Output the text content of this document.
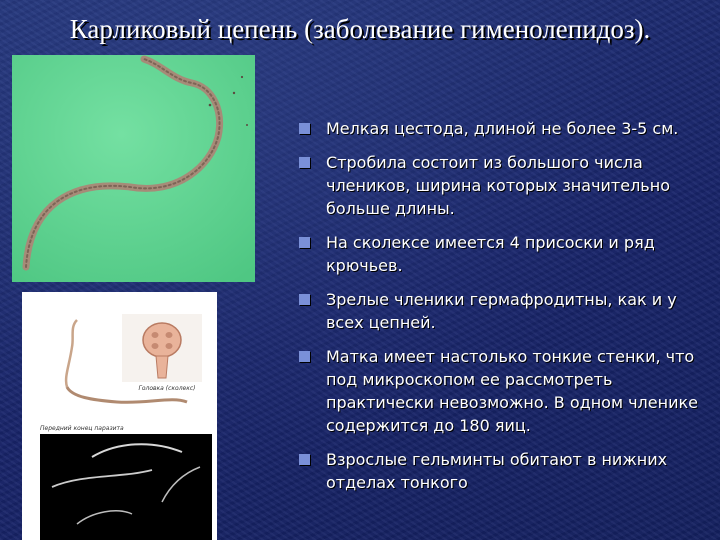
Карликовый цепень (заболевание гименолепидоз).
Головка (сколекс)
Передний конец паразита
Мелкая цестода, длиной не более 3-5 см.
Стробила состоит из большого числа члеников, ширина которых значительно больше длины.
На сколексе имеется 4 присоски и ряд крючьев.
Зрелые членики гермафродитны, как и у всех цепней.
Матка имеет настолько тонкие стенки, что под микроскопом ее рассмотреть практически невозможно. В одном членике содержится до 180 яиц.
Взрослые гельминты обитают в нижних отделах тонкого
